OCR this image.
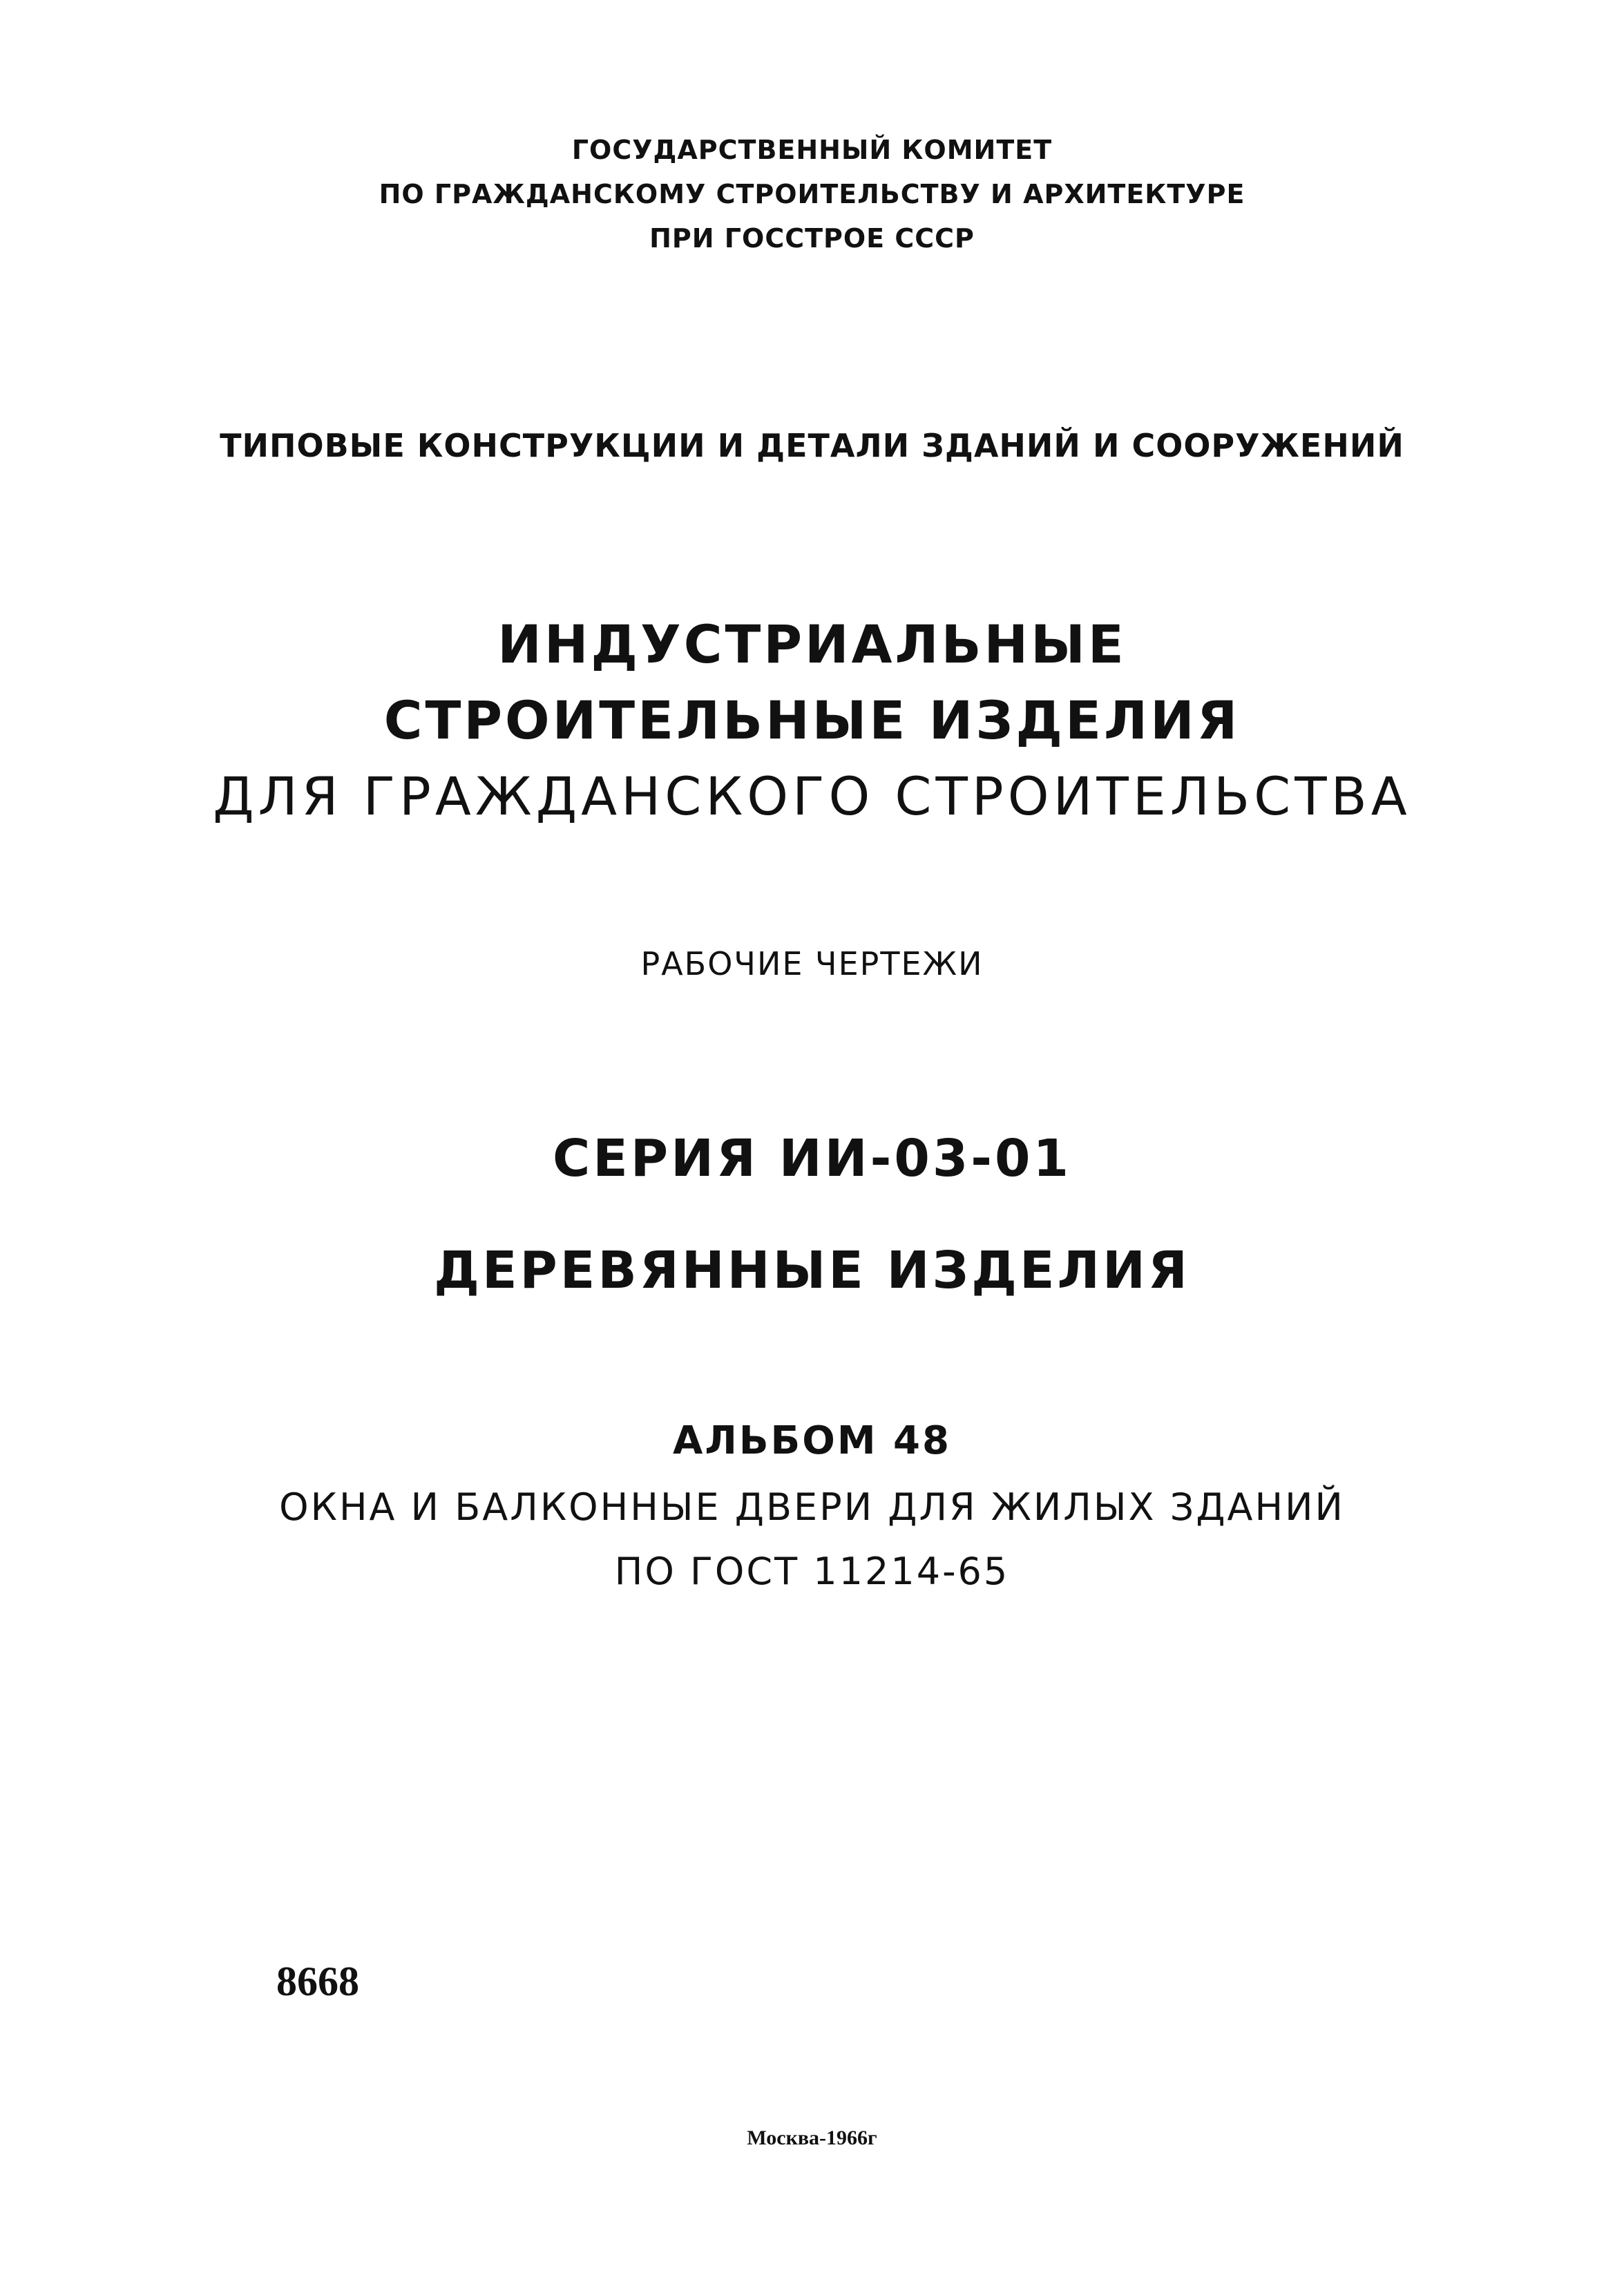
ГОСУДАРСТВЕННЫЙ КОМИТЕТ
ПО ГРАЖДАНСКОМУ СТРОИТЕЛЬСТВУ И АРХИТЕКТУРЕ
ПРИ ГОССТРОЕ СССР
ТИПОВЫЕ КОНСТРУКЦИИ И ДЕТАЛИ ЗДАНИЙ И СООРУЖЕНИЙ
ИНДУСТРИАЛЬНЫЕ
СТРОИТЕЛЬНЫЕ ИЗДЕЛИЯ
ДЛЯ ГРАЖДАНСКОГО СТРОИТЕЛЬСТВА
РАБОЧИЕ ЧЕРТЕЖИ
СЕРИЯ ИИ-03-01
ДЕРЕВЯННЫЕ ИЗДЕЛИЯ
АЛЬБОМ 48
ОКНА И БАЛКОННЫЕ ДВЕРИ ДЛЯ ЖИЛЫХ ЗДАНИЙ
ПО ГОСТ 11214-65
8668
Москва-1966г
